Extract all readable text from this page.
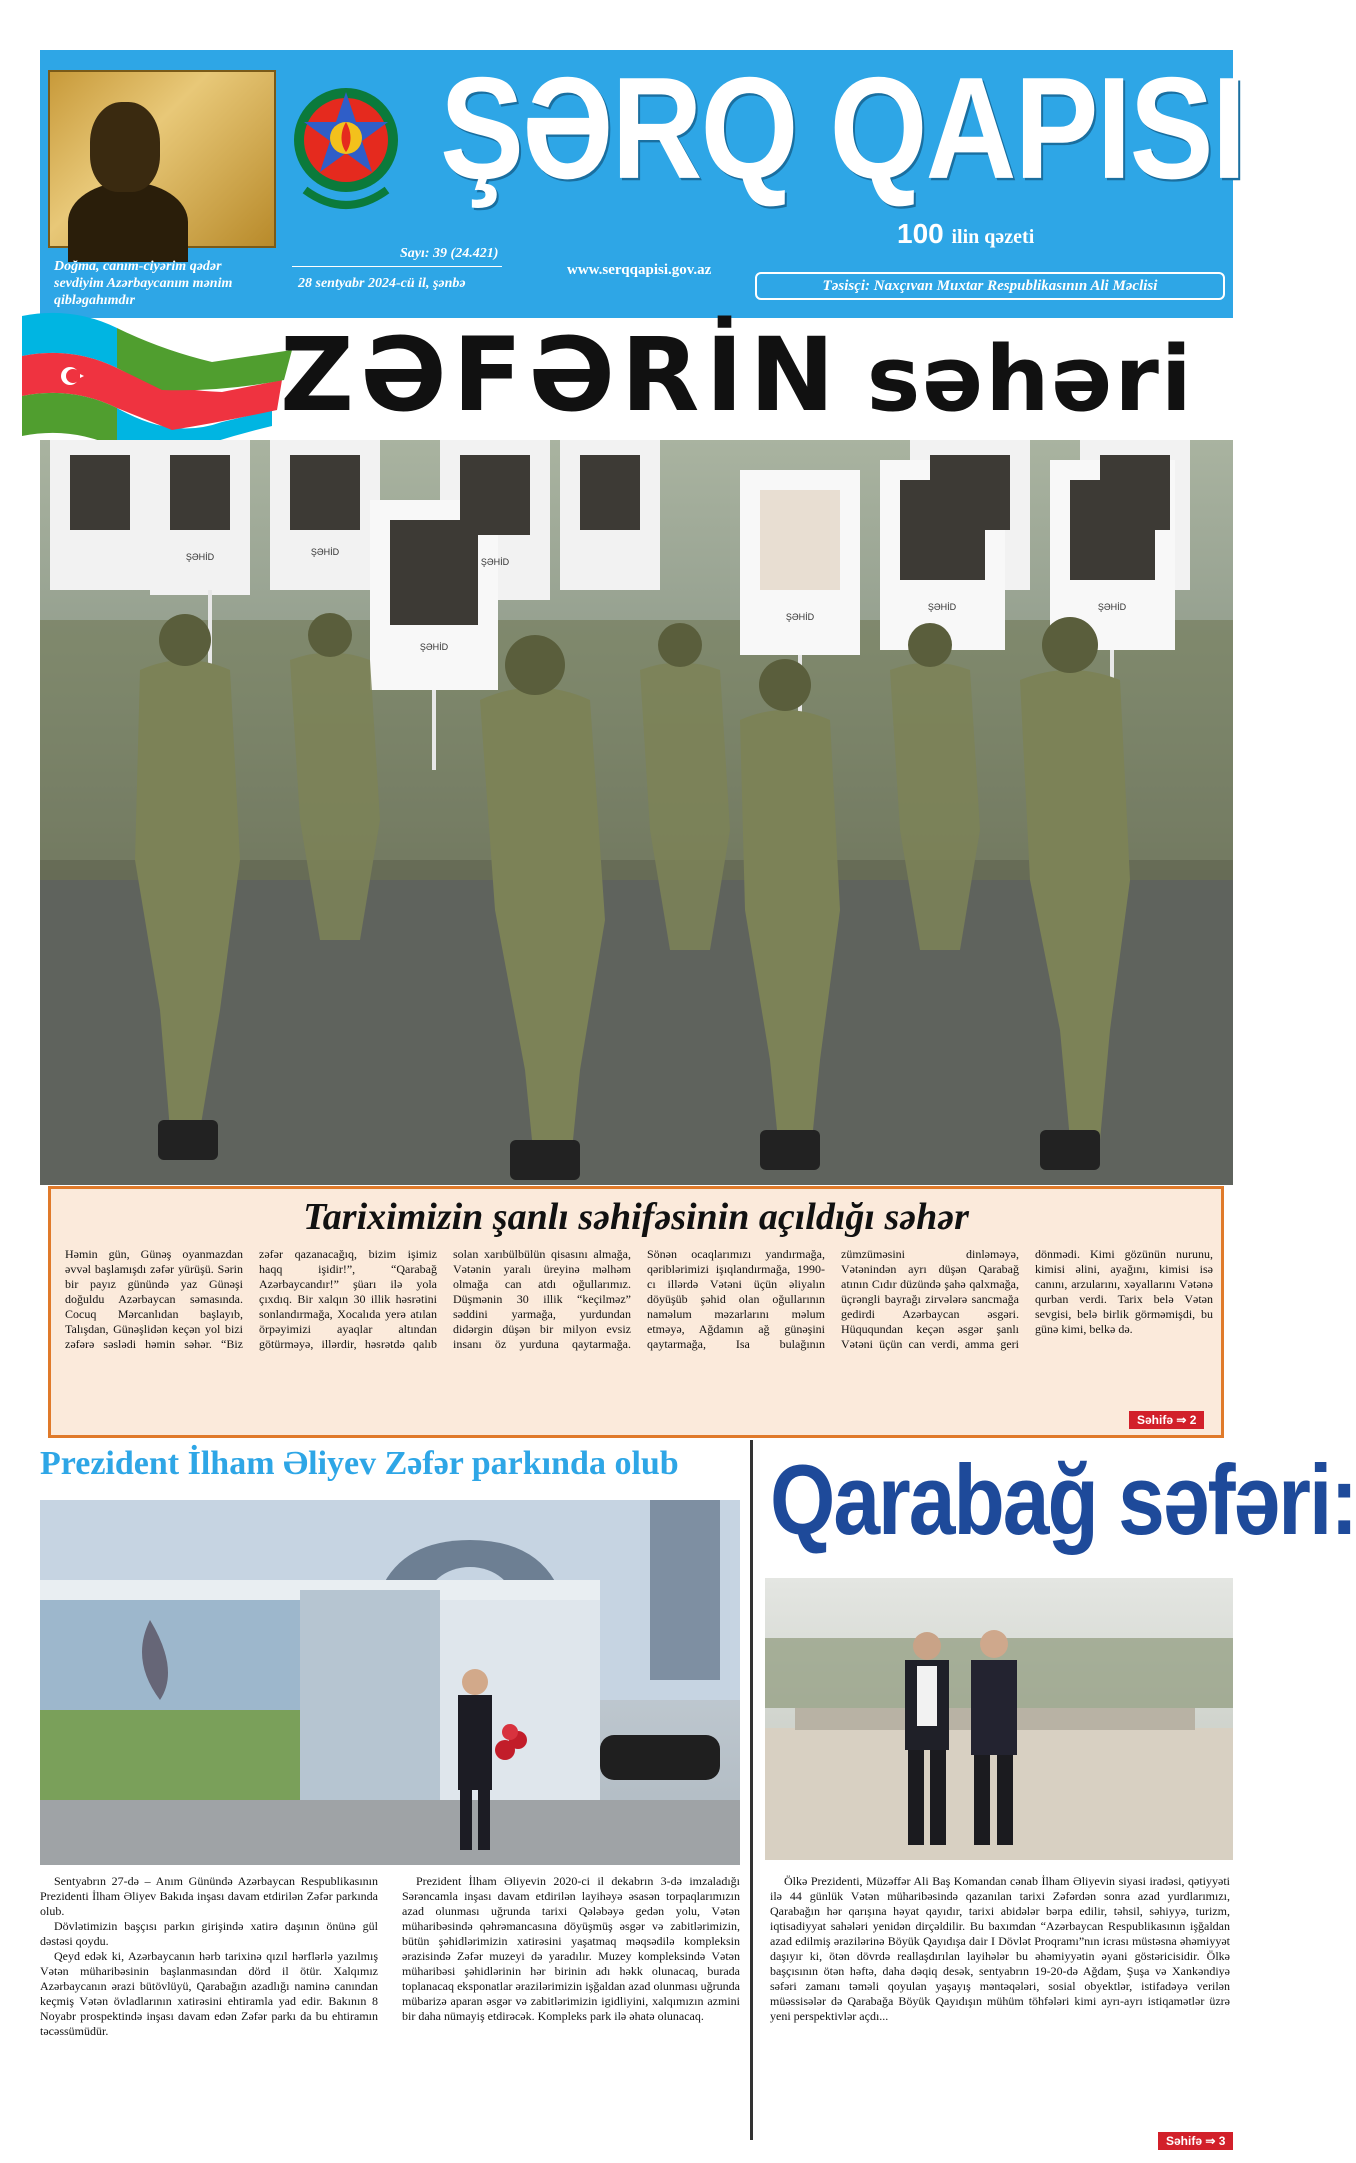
ŞƏRQ QAPISI
Doğma, canım-ciyərim qədər sevdiyim Azərbaycanım mənim qibləgahımdır
Sayı: 39 (24.421)
28 sentyabr 2024-cü il, şənbə
www.serqqapisi.gov.az
100 ilin qəzeti
Təsisçi: Naxçıvan Muxtar Respublikasının Ali Məclisi
ZƏFƏRİN səhəri
ŞƏHİD
ŞƏHİD
ŞƏHİD	ŞƏHİD
ŞƏHİD	ŞƏHİD
ŞƏHİD
Tariximizin şanlı səhifəsinin açıldığı səhər
Həmin gün, Günəş oyanmazdan əvvəl başlamışdı zəfər yürüşü. Sərin bir payız günündə yaz Günəşi doğuldu Azərbaycan səmasında. Cocuq Mərcanlıdan başlayıb, Talışdan, Günəşlidən keçən yol bizi zəfərə səslədi həmin səhər. “Biz zəfər qazanacağıq, bizim işimiz haqq işidir!”, “Qarabağ Azərbaycandır!” şüarı ilə yola çıxdıq. Bir xalqın 30 illik həsrətini sonlandırmağa, Xocalıda yerə atılan örpəyimizi ayaqlar altından götürməyə, illərdir, həsrətdə qalıb solan xarıbülbülün qisasını almağa, Vətənin yaralı üreyinə məlhəm olmağa can atdı oğullarımız. Düşmənin 30 illik “keçilməz” səddini yarmağa, yurdundan didərgin düşən bir milyon evsiz insanı öz yurduna qaytarmağa. Sönən ocaqlarımızı yandırmağa, qəriblərimizi işıqlandırmağa, 1990-cı illərdə Vətəni üçün əliyalın döyüşüb şəhid olan oğullarının naməlum məzarlarını məlum etməyə, Ağdamın ağ günəşini qaytarmağa, Isa bulağının zümzüməsini dinləməyə, Vətənindən ayrı düşən Qarabağ atının Cıdır düzündə şahə qalxmağa, üçrəngli bayrağı zirvələrə sancmağa gedirdi Azərbaycan əsgəri. Hüququndan keçən əsgər şanlı Vətəni üçün can verdi, amma geri dönmədi. Kimi gözünün nurunu, kimisi əlini, ayağını, kimisi isə canını, arzularını, xəyallarını Vətənə qurban verdi. Tarix belə Vətən sevgisi, belə birlik görməmişdi, bu günə kimi, belkə də.
Səhifə ⇒ 2
Prezident İlham Əliyev Zəfər parkında olub

Sentyabrın 27-də – Anım Günündə Azərbaycan Respublikasının Prezidenti İlham Əliyev Bakıda inşası davam etdirilən Zəfər parkında olub.

Dövlətimizin başçısı parkın girişində xatirə daşının önünə gül dəstəsi qoydu.

Qeyd edək ki, Azərbaycanın hərb tarixinə qızıl hərflərlə yazılmış Vətən müharibəsinin başlanmasından dörd il ötür. Xalqımız Azərbaycanın ərazi bütövlüyü, Qarabağın azadlığı naminə canından keçmiş Vətən övladlarının xatirəsini ehtiramla yad edir. Bakının 8 Noyabr prospektində inşası davam edən Zəfər parkı da bu ehtiramın təcəssümüdür.

Prezident İlham Əliyevin 2020-ci il dekabrın 3-də imzaladığı Sərəncamla inşası davam etdirilən layihəyə əsasən torpaqlarımızın azad olunması uğrunda tarixi Qələbəyə gedən yolu, Vətən müharibəsində qəhrəmancasına döyüşmüş əsgər və zabitlərimizin, bütün şəhidlərimizin xatirəsini yaşatmaq məqsədilə kompleksin ərazisində Zəfər muzeyi də yaradılır. Muzey kompleksində Vətən müharibəsi şəhidlərinin hər birinin adı həkk olunacaq, burada toplanacaq eksponatlar ərazilərimizin işğaldan azad olunması uğrunda mübarizə aparan əsgər və zabitlərimizin igidliyini, xalqımızın azmini bir daha nümayiş etdirəcək. Kompleks park ilə əhatə olunacaq.

Qarabağ səfəri:
Ölkə Prezidenti, Müzəffər Ali Baş Komandan cənab İlham Əliyevin siyasi iradəsi, qətiyyəti ilə 44 günlük Vətən müharibəsində qazanılan tarixi Zəfərdən sonra azad yurdlarımızı, Qarabağın hər qarışına həyat qayıdır, tarixi abidələr bərpa edilir, təhsil, səhiyyə, turizm, iqtisadiyyat sahələri yenidən dirçəldilir. Bu baxımdan “Azərbaycan Respublikasının işğaldan azad edilmiş ərazilərinə Böyük Qayıdışa dair I Dövlət Proqramı”nın icrası müstəsna əhəmiyyət daşıyır ki, ötən dövrdə reallaşdırılan layihələr bu əhəmiyyətin əyani göstəricisidir. Ölkə başçısının ötən həftə, daha dəqiq desək, sentyabrın 19-20-də Ağdam, Şuşa və Xankəndiyə səfəri zamanı təməli qoyulan yaşayış məntəqələri, sosial obyektlər, istifadəyə verilən müəssisələr də Qarabağa Böyük Qayıdışın mühüm töhfələri kimi ayrı-ayrı istiqamətlər üzrə yeni perspektivlər açdı...
Səhifə ⇒ 3
